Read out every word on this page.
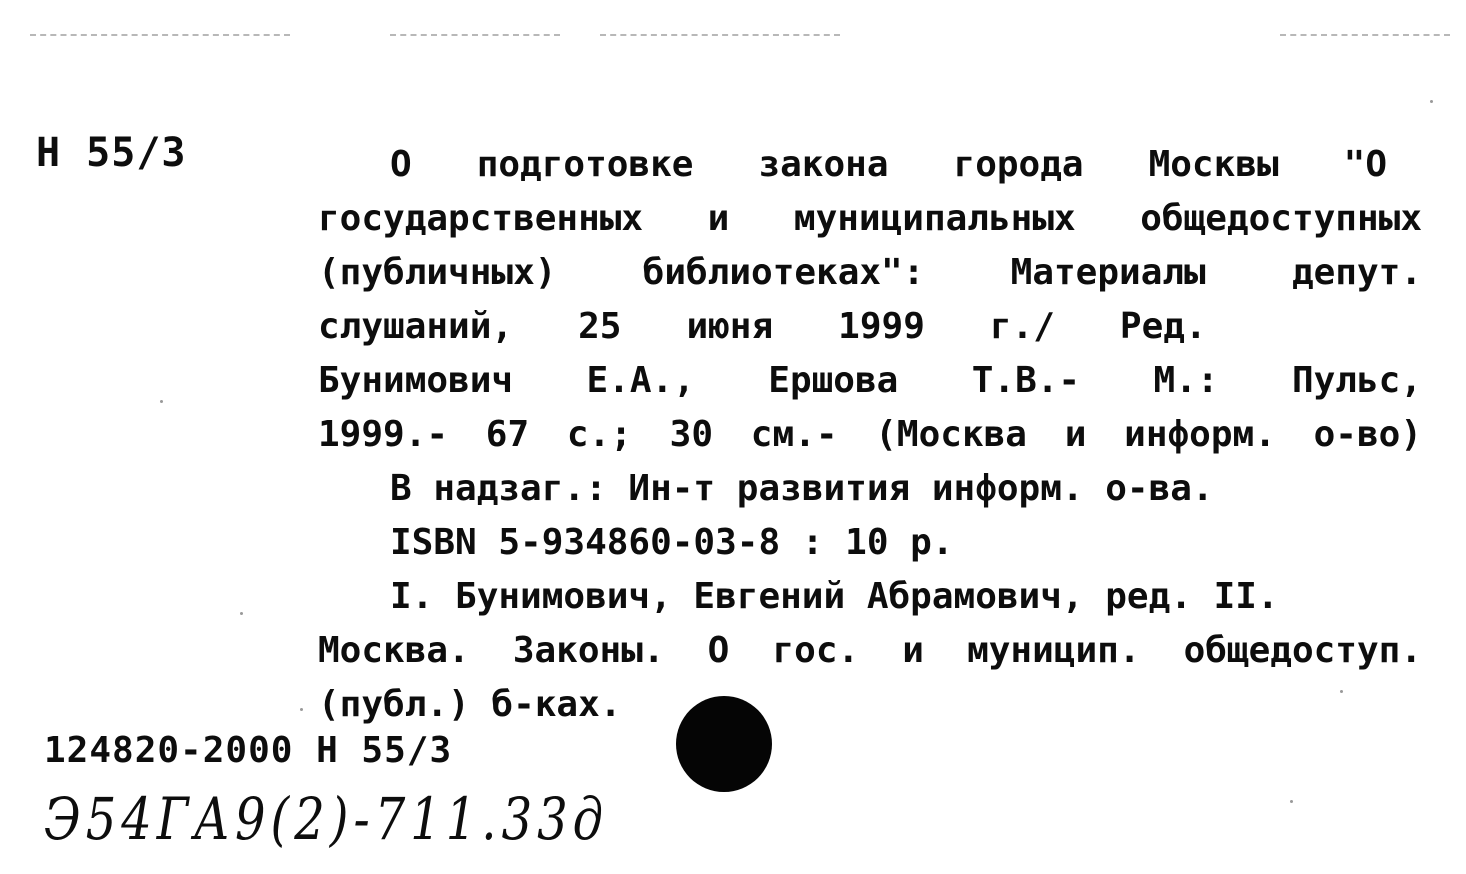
Н 55/3	О   подготовке   закона   города   Москвы   "О
государственных и муниципальных общедоступных
(публичных) библиотеках": Материалы депут.
слушаний,   25   июня   1999   г./   Ред.
Бунимович Е.А., Ершова Т.В.- М.: Пульс,
1999.- 67 с.; 30 см.- (Москва и информ. о-во)
В надзаг.: Ин-т развития информ. о-ва.
ISBN 5-934860-03-8 : 10 р.
I. Бунимович, Евгений Абрамович, ред. II.
Москва. Законы. О гос. и муницип. общедоступ.
(публ.) б-ках.
124820-2000 Н 55/3
Э54ГА9(2)-711.33д
